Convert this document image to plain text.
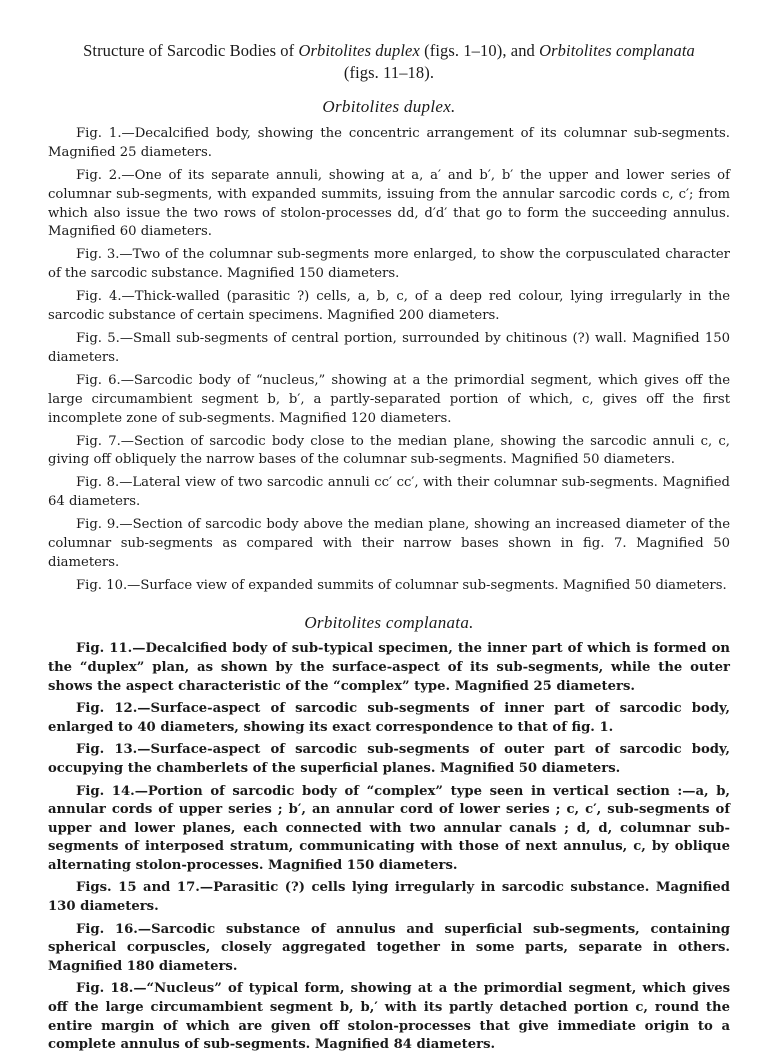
Structure of Sarcodic Bodies of Orbitolites duplex (figs. 1–10), and Orbitolites complanata
(figs. 11–18).
Orbitolites duplex.

Fig. 1.—Decalcified body, showing the concentric arrangement of its columnar sub-segments. Magnified 25 diameters.

Fig. 2.—One of its separate annuli, showing at a, a′ and b′, b′ the upper and lower series of columnar sub-segments, with expanded summits, issuing from the annular sarcodic cords c, c′; from which also issue the two rows of stolon-processes dd, d′d′ that go to form the succeeding annulus. Magnified 60 diameters.

Fig. 3.—Two of the columnar sub-segments more enlarged, to show the corpusculated character of the sarcodic substance. Magnified 150 diameters.

Fig. 4.—Thick-walled (parasitic ?) cells, a, b, c, of a deep red colour, lying irregularly in the sarcodic substance of certain specimens. Magnified 200 diameters.

Fig. 5.—Small sub-segments of central portion, surrounded by chitinous (?) wall. Magnified 150 diameters.

Fig. 6.—Sarcodic body of “nucleus,” showing at a the primordial segment, which gives off the large circumambient segment b, b′, a partly-separated portion of which, c, gives off the first incomplete zone of sub-segments. Magnified 120 diameters.

Fig. 7.—Section of sarcodic body close to the median plane, showing the sarcodic annuli c, c, giving off obliquely the narrow bases of the columnar sub-segments. Magnified 50 diameters.

Fig. 8.—Lateral view of two sarcodic annuli cc′ cc′, with their columnar sub-segments. Magnified 64 diameters.

Fig. 9.—Section of sarcodic body above the median plane, showing an increased diameter of the columnar sub-segments as compared with their narrow bases shown in fig. 7. Magnified 50 diameters.

Fig. 10.—Surface view of expanded summits of columnar sub-segments. Magnified 50 diameters.

Orbitolites complanata.

Fig. 11.—Decalcified body of sub-typical specimen, the inner part of which is formed on the “duplex” plan, as shown by the surface-aspect of its sub-segments, while the outer shows the aspect characteristic of the “complex” type. Magnified 25 diameters.

Fig. 12.—Surface-aspect of sarcodic sub-segments of inner part of sarcodic body, enlarged to 40 diameters, showing its exact correspondence to that of fig. 1.

Fig. 13.—Surface-aspect of sarcodic sub-segments of outer part of sarcodic body, occupying the chamberlets of the superficial planes. Magnified 50 diameters.

Fig. 14.—Portion of sarcodic body of “complex” type seen in vertical section :—a, b, annular cords of upper series ; b′, an annular cord of lower series ; c, c′, sub-segments of upper and lower planes, each connected with two annular canals ; d, d, columnar sub-segments of interposed stratum, communicating with those of next annulus, c, by oblique alternating stolon-processes. Magnified 150 diameters.

Figs. 15 and 17.—Parasitic (?) cells lying irregularly in sarcodic substance. Magnified 130 diameters.

Fig. 16.—Sarcodic substance of annulus and superficial sub-segments, containing spherical corpuscles, closely aggregated together in some parts, separate in others. Magnified 180 diameters.

Fig. 18.—“Nucleus” of typical form, showing at a the primordial segment, which gives off the large circumambient segment b, b,′ with its partly detached portion c, round the entire margin of which are given off stolon-processes that give immediate origin to a complete annulus of sub-segments. Magnified 84 diameters.
